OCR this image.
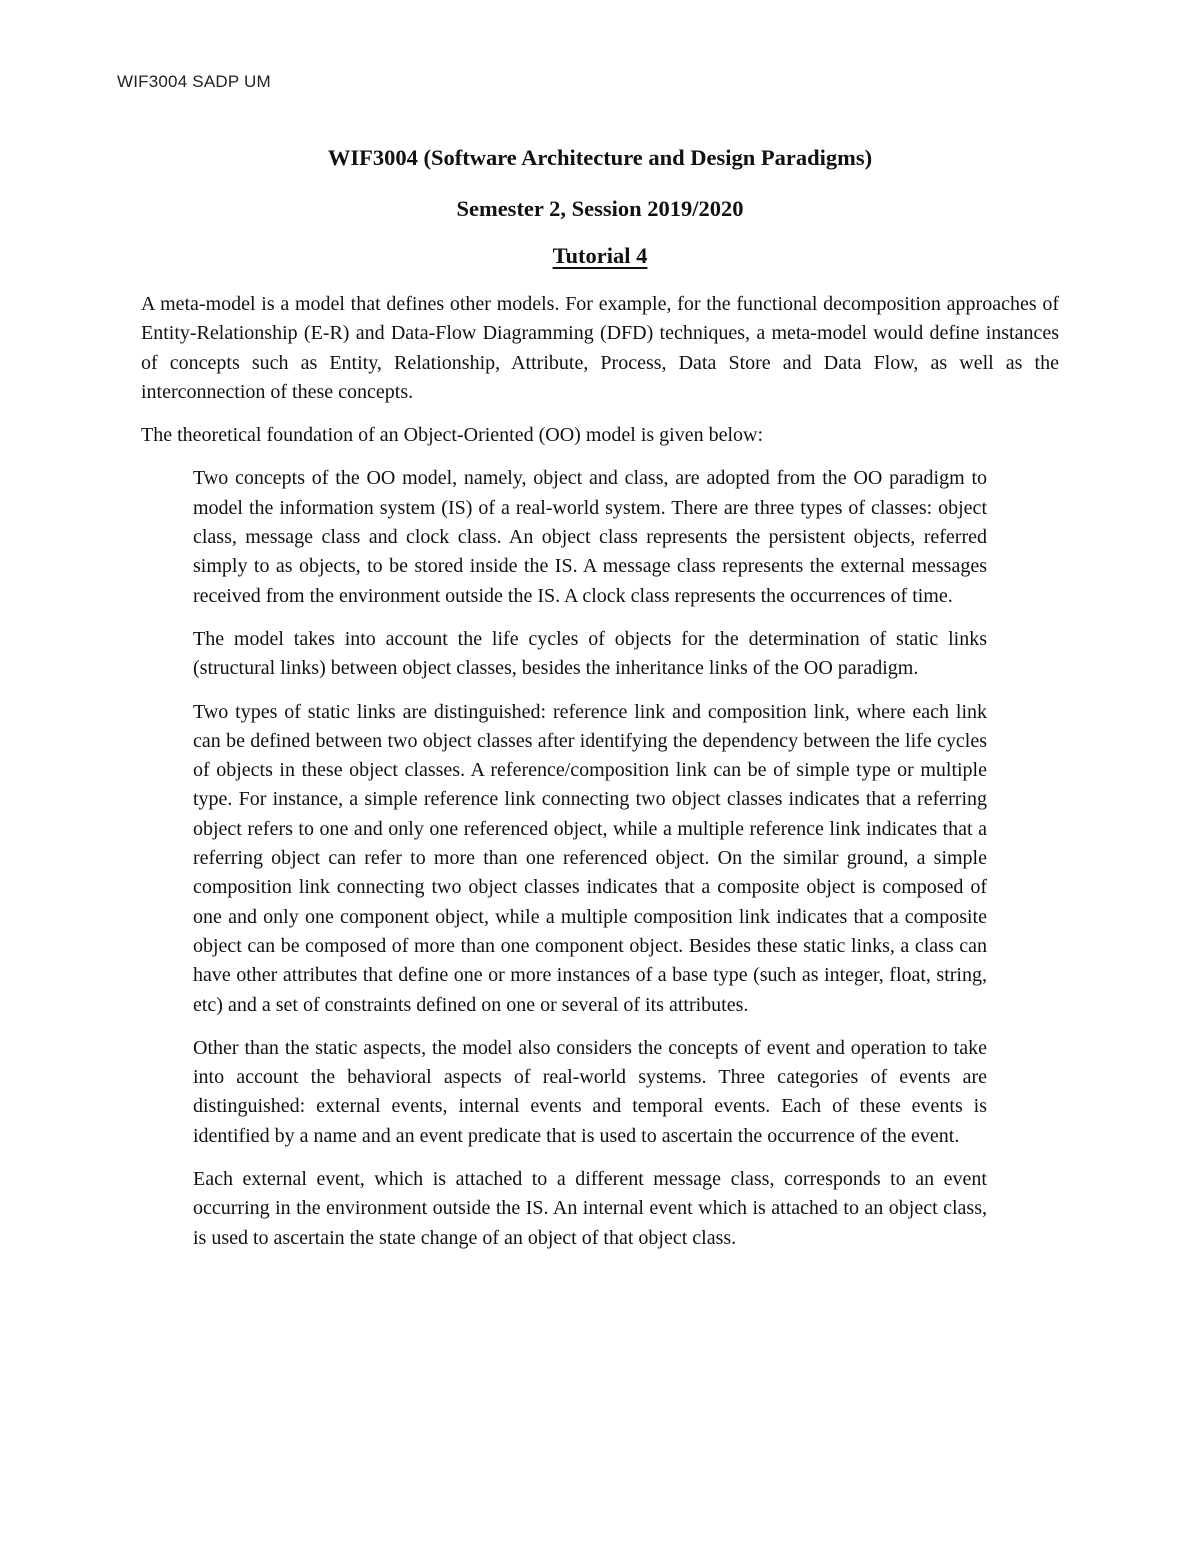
WIF3004 SADP UM
WIF3004 (Software Architecture and Design Paradigms)
Semester 2, Session 2019/2020
Tutorial 4

A meta-model is a model that defines other models. For example, for the functional decomposition approaches of Entity-Relationship (E-R) and Data-Flow Diagramming (DFD) techniques, a meta-model would define instances of concepts such as Entity, Relationship, Attribute, Process, Data Store and Data Flow, as well as the interconnection of these concepts.

The theoretical foundation of an Object-Oriented (OO) model is given below:

Two concepts of the OO model, namely, object and class, are adopted from the OO paradigm to model the information system (IS) of a real-world system. There are three types of classes: object class, message class and clock class. An object class represents the persistent objects, referred simply to as objects, to be stored inside the IS. A message class represents the external messages received from the environment outside the IS. A clock class represents the occurrences of time.

The model takes into account the life cycles of objects for the determination of static links (structural links) between object classes, besides the inheritance links of the OO paradigm.

Two types of static links are distinguished: reference link and composition link, where each link can be defined between two object classes after identifying the dependency between the life cycles of objects in these object classes. A reference/composition link can be of simple type or multiple type. For instance, a simple reference link connecting two object classes indicates that a referring object refers to one and only one referenced object, while a multiple reference link indicates that a referring object can refer to more than one referenced object. On the similar ground, a simple composition link connecting two object classes indicates that a composite object is composed of one and only one component object, while a multiple composition link indicates that a composite object can be composed of more than one component object. Besides these static links, a class can have other attributes that define one or more instances of a base type (such as integer, float, string, etc) and a set of constraints defined on one or several of its attributes.

Other than the static aspects, the model also considers the concepts of event and operation to take into account the behavioral aspects of real-world systems. Three categories of events are distinguished: external events, internal events and temporal events. Each of these events is identified by a name and an event predicate that is used to ascertain the occurrence of the event.

Each external event, which is attached to a different message class, corresponds to an event occurring in the environment outside the IS. An internal event which is attached to an object class, is used to ascertain the state change of an object of that object class.
